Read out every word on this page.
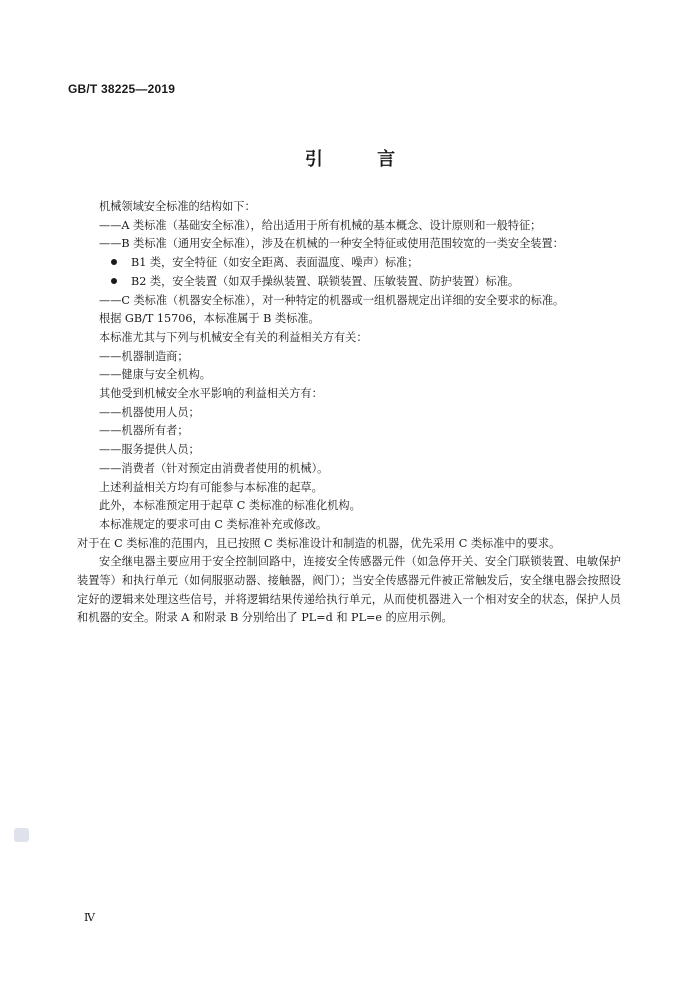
GB/T 38225—2019
引 言
机械领域安全标准的结构如下：
——A 类标准（基础安全标准），给出适用于所有机械的基本概念、设计原则和一般特征；
——B 类标准（通用安全标准），涉及在机械的一种安全特征或使用范围较宽的一类安全装置：
B1 类，安全特征（如安全距离、表面温度、噪声）标准；
B2 类，安全装置（如双手操纵装置、联锁装置、压敏装置、防护装置）标准。
——C 类标准（机器安全标准），对一种特定的机器或一组机器规定出详细的安全要求的标准。
根据 GB/T 15706，本标准属于 B 类标准。
本标准尤其与下列与机械安全有关的利益相关方有关：
——机器制造商；
——健康与安全机构。
其他受到机械安全水平影响的利益相关方有：
——机器使用人员；
——机器所有者；
——服务提供人员；
——消费者（针对预定由消费者使用的机械）。
上述利益相关方均有可能参与本标准的起草。
此外，本标准预定用于起草 C 类标准的标准化机构。
本标准规定的要求可由 C 类标准补充或修改。
对于在 C 类标准的范围内，且已按照 C 类标准设计和制造的机器，优先采用 C 类标准中的要求。
安全继电器主要应用于安全控制回路中，连接安全传感器元件（如急停开关、安全门联锁装置、电敏保护装置等）和执行单元（如伺服驱动器、接触器，阀门）；当安全传感器元件被正常触发后，安全继电器会按照设定好的逻辑来处理这些信号，并将逻辑结果传递给执行单元，从而使机器进入一个相对安全的状态，保护人员和机器的安全。附录 A 和附录 B 分别给出了 PL=d 和 PL=e 的应用示例。
Ⅳ
